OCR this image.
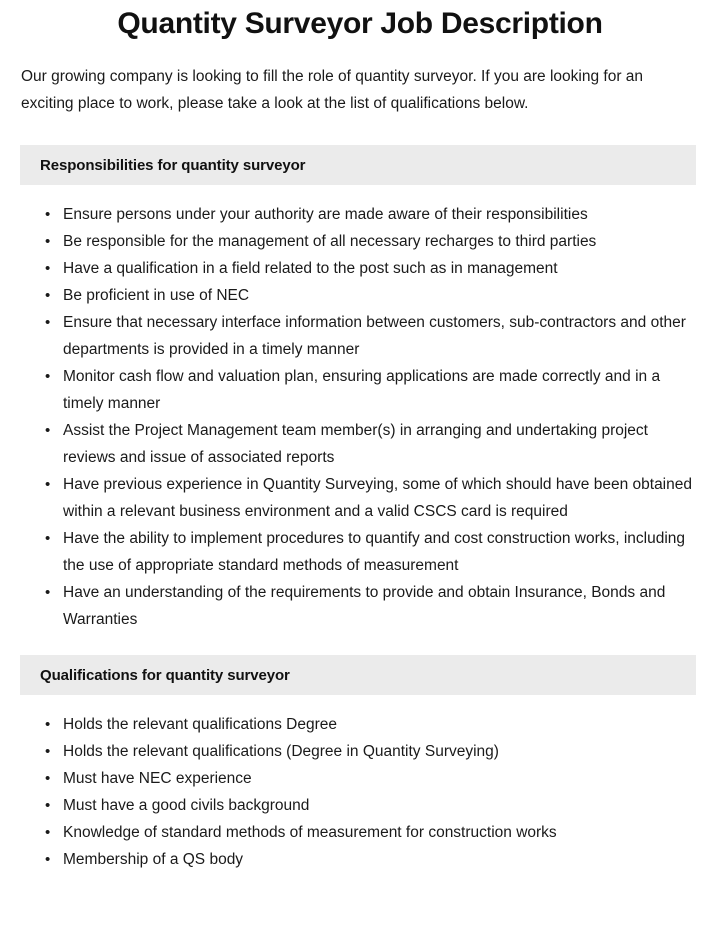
Quantity Surveyor Job Description

Our growing company is looking to fill the role of quantity surveyor. If you are looking for an exciting place to work, please take a look at the list of qualifications below.

Responsibilities for quantity surveyor
• Ensure persons under your authority are made aware of their responsibilities
• Be responsible for the management of all necessary recharges to third parties
• Have a qualification in a field related to the post such as in management
• Be proficient in use of NEC
• Ensure that necessary interface information between customers, sub-contractors and other departments is provided in a timely manner
• Monitor cash flow and valuation plan, ensuring applications are made correctly and in a timely manner
• Assist the Project Management team member(s) in arranging and undertaking project reviews and issue of associated reports
• Have previous experience in Quantity Surveying, some of which should have been obtained within a relevant business environment and a valid CSCS card is required
• Have the ability to implement procedures to quantify and cost construction works, including the use of appropriate standard methods of measurement
• Have an understanding of the requirements to provide and obtain Insurance, Bonds and Warranties
Qualifications for quantity surveyor
• Holds the relevant qualifications Degree
• Holds the relevant qualifications (Degree in Quantity Surveying)
• Must have NEC experience
• Must have a good civils background
• Knowledge of standard methods of measurement for construction works
• Membership of a QS body
